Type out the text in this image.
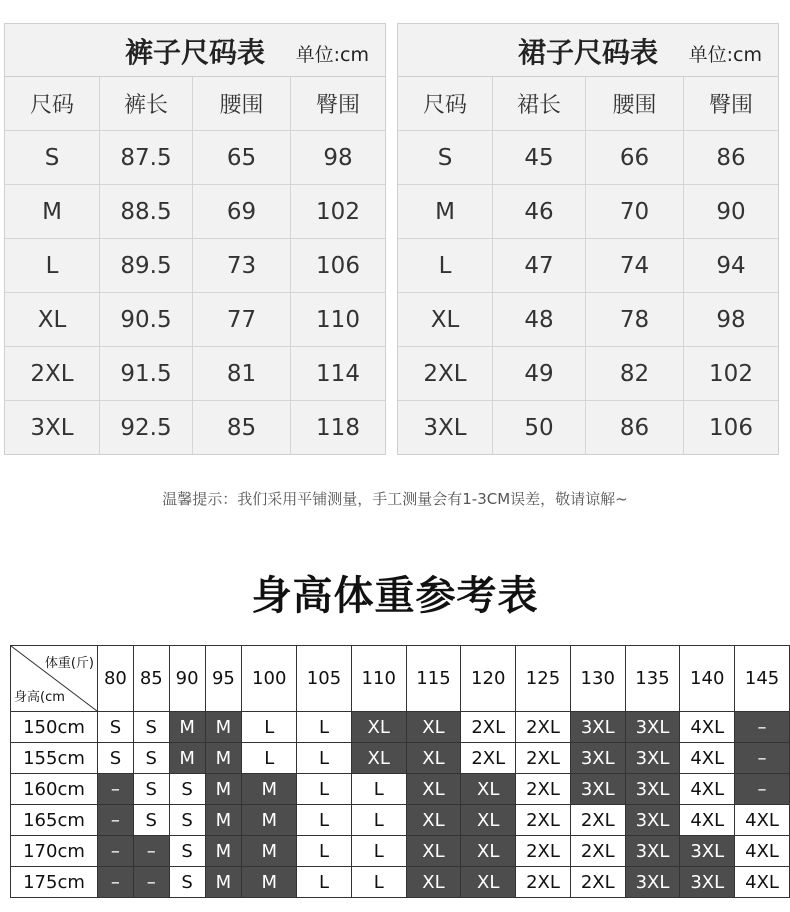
裤子尺码表	单位:cm
尺码	裤长	腰围	臀围
S	87.5	65	98
M	88.5	69	102
L	89.5	73	106
XL	90.5	77	110
2XL	91.5	81	114
3XL	92.5	85	118
裙子尺码表	单位:cm
尺码	裙长	腰围	臀围
S	45	66	86
M	46	70	90
L	47	74	94
XL	48	78	98
2XL	49	82	102
3XL	50	86	106
温馨提示：我们采用平铺测量，手工测量会有1-3CM误差，敬请谅解~
身高体重参考表
体重(斤)
身高(cm	80	85	90	95	100	105	110	115	120	125	130	135	140	145
150cm	S	S	M	M	L	L	XL	XL	2XL	2XL	3XL	3XL	4XL	–
155cm	S	S	M	M	L	L	XL	XL	2XL	2XL	3XL	3XL	4XL	–
160cm	–	S	S	M	M	L	L	XL	XL	2XL	3XL	3XL	4XL	–
165cm	–	S	S	M	M	L	L	XL	XL	2XL	2XL	3XL	4XL	4XL
170cm	–	–	S	M	M	L	L	XL	XL	2XL	2XL	3XL	3XL	4XL
175cm	–	–	S	M	M	L	L	XL	XL	2XL	2XL	3XL	3XL	4XL
